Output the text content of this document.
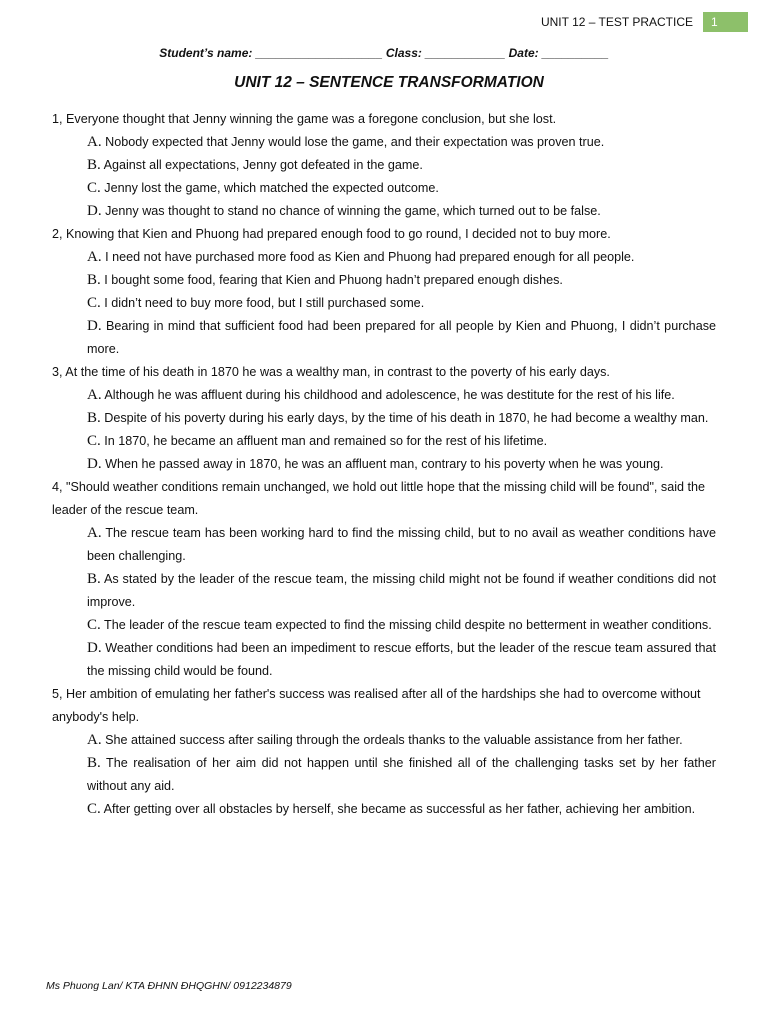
UNIT 12 – TEST PRACTICE	1
Student’s name: ___________________ Class: ____________ Date: __________
UNIT 12 – SENTENCE TRANSFORMATION
1, Everyone thought that Jenny winning the game was a foregone conclusion, but she lost.
A. Nobody expected that Jenny would lose the game, and their expectation was proven true.
B. Against all expectations, Jenny got defeated in the game.
C. Jenny lost the game, which matched the expected outcome.
D. Jenny was thought to stand no chance of winning the game, which turned out to be false.
2, Knowing that Kien and Phuong had prepared enough food to go round, I decided not to buy more.
A. I need not have purchased more food as Kien and Phuong had prepared enough for all people.
B. I bought some food, fearing that Kien and Phuong hadn’t prepared enough dishes.
C. I didn’t need to buy more food, but I still purchased some.
D. Bearing in mind that sufficient food had been prepared for all people by Kien and Phuong, I didn’t purchase more.
3, At the time of his death in 1870 he was a wealthy man, in contrast to the poverty of his early days.
A. Although he was affluent during his childhood and adolescence, he was destitute for the rest of his life.
B. Despite of his poverty during his early days, by the time of his death in 1870, he had become a wealthy man.
C. In 1870, he became an affluent man and remained so for the rest of his lifetime.
D. When he passed away in 1870, he was an affluent man, contrary to his poverty when he was young.
4, "Should weather conditions remain unchanged, we hold out little hope that the missing child will be found", said the leader of the rescue team.
A. The rescue team has been working hard to find the missing child, but to no avail as weather conditions have been challenging.
B. As stated by the leader of the rescue team, the missing child might not be found if weather conditions did not improve.
C. The leader of the rescue team expected to find the missing child despite no betterment in weather conditions.
D. Weather conditions had been an impediment to rescue efforts, but the leader of the rescue team assured that the missing child would be found.
5, Her ambition of emulating her father's success was realised after all of the hardships she had to overcome without anybody's help.
A. She attained success after sailing through the ordeals thanks to the valuable assistance from her father.
B. The realisation of her aim did not happen until she finished all of the challenging tasks set by her father without any aid.
C. After getting over all obstacles by herself, she became as successful as her father, achieving her ambition.
Ms Phuong Lan/ KTA ĐHNN ĐHQGHN/ 0912234879
